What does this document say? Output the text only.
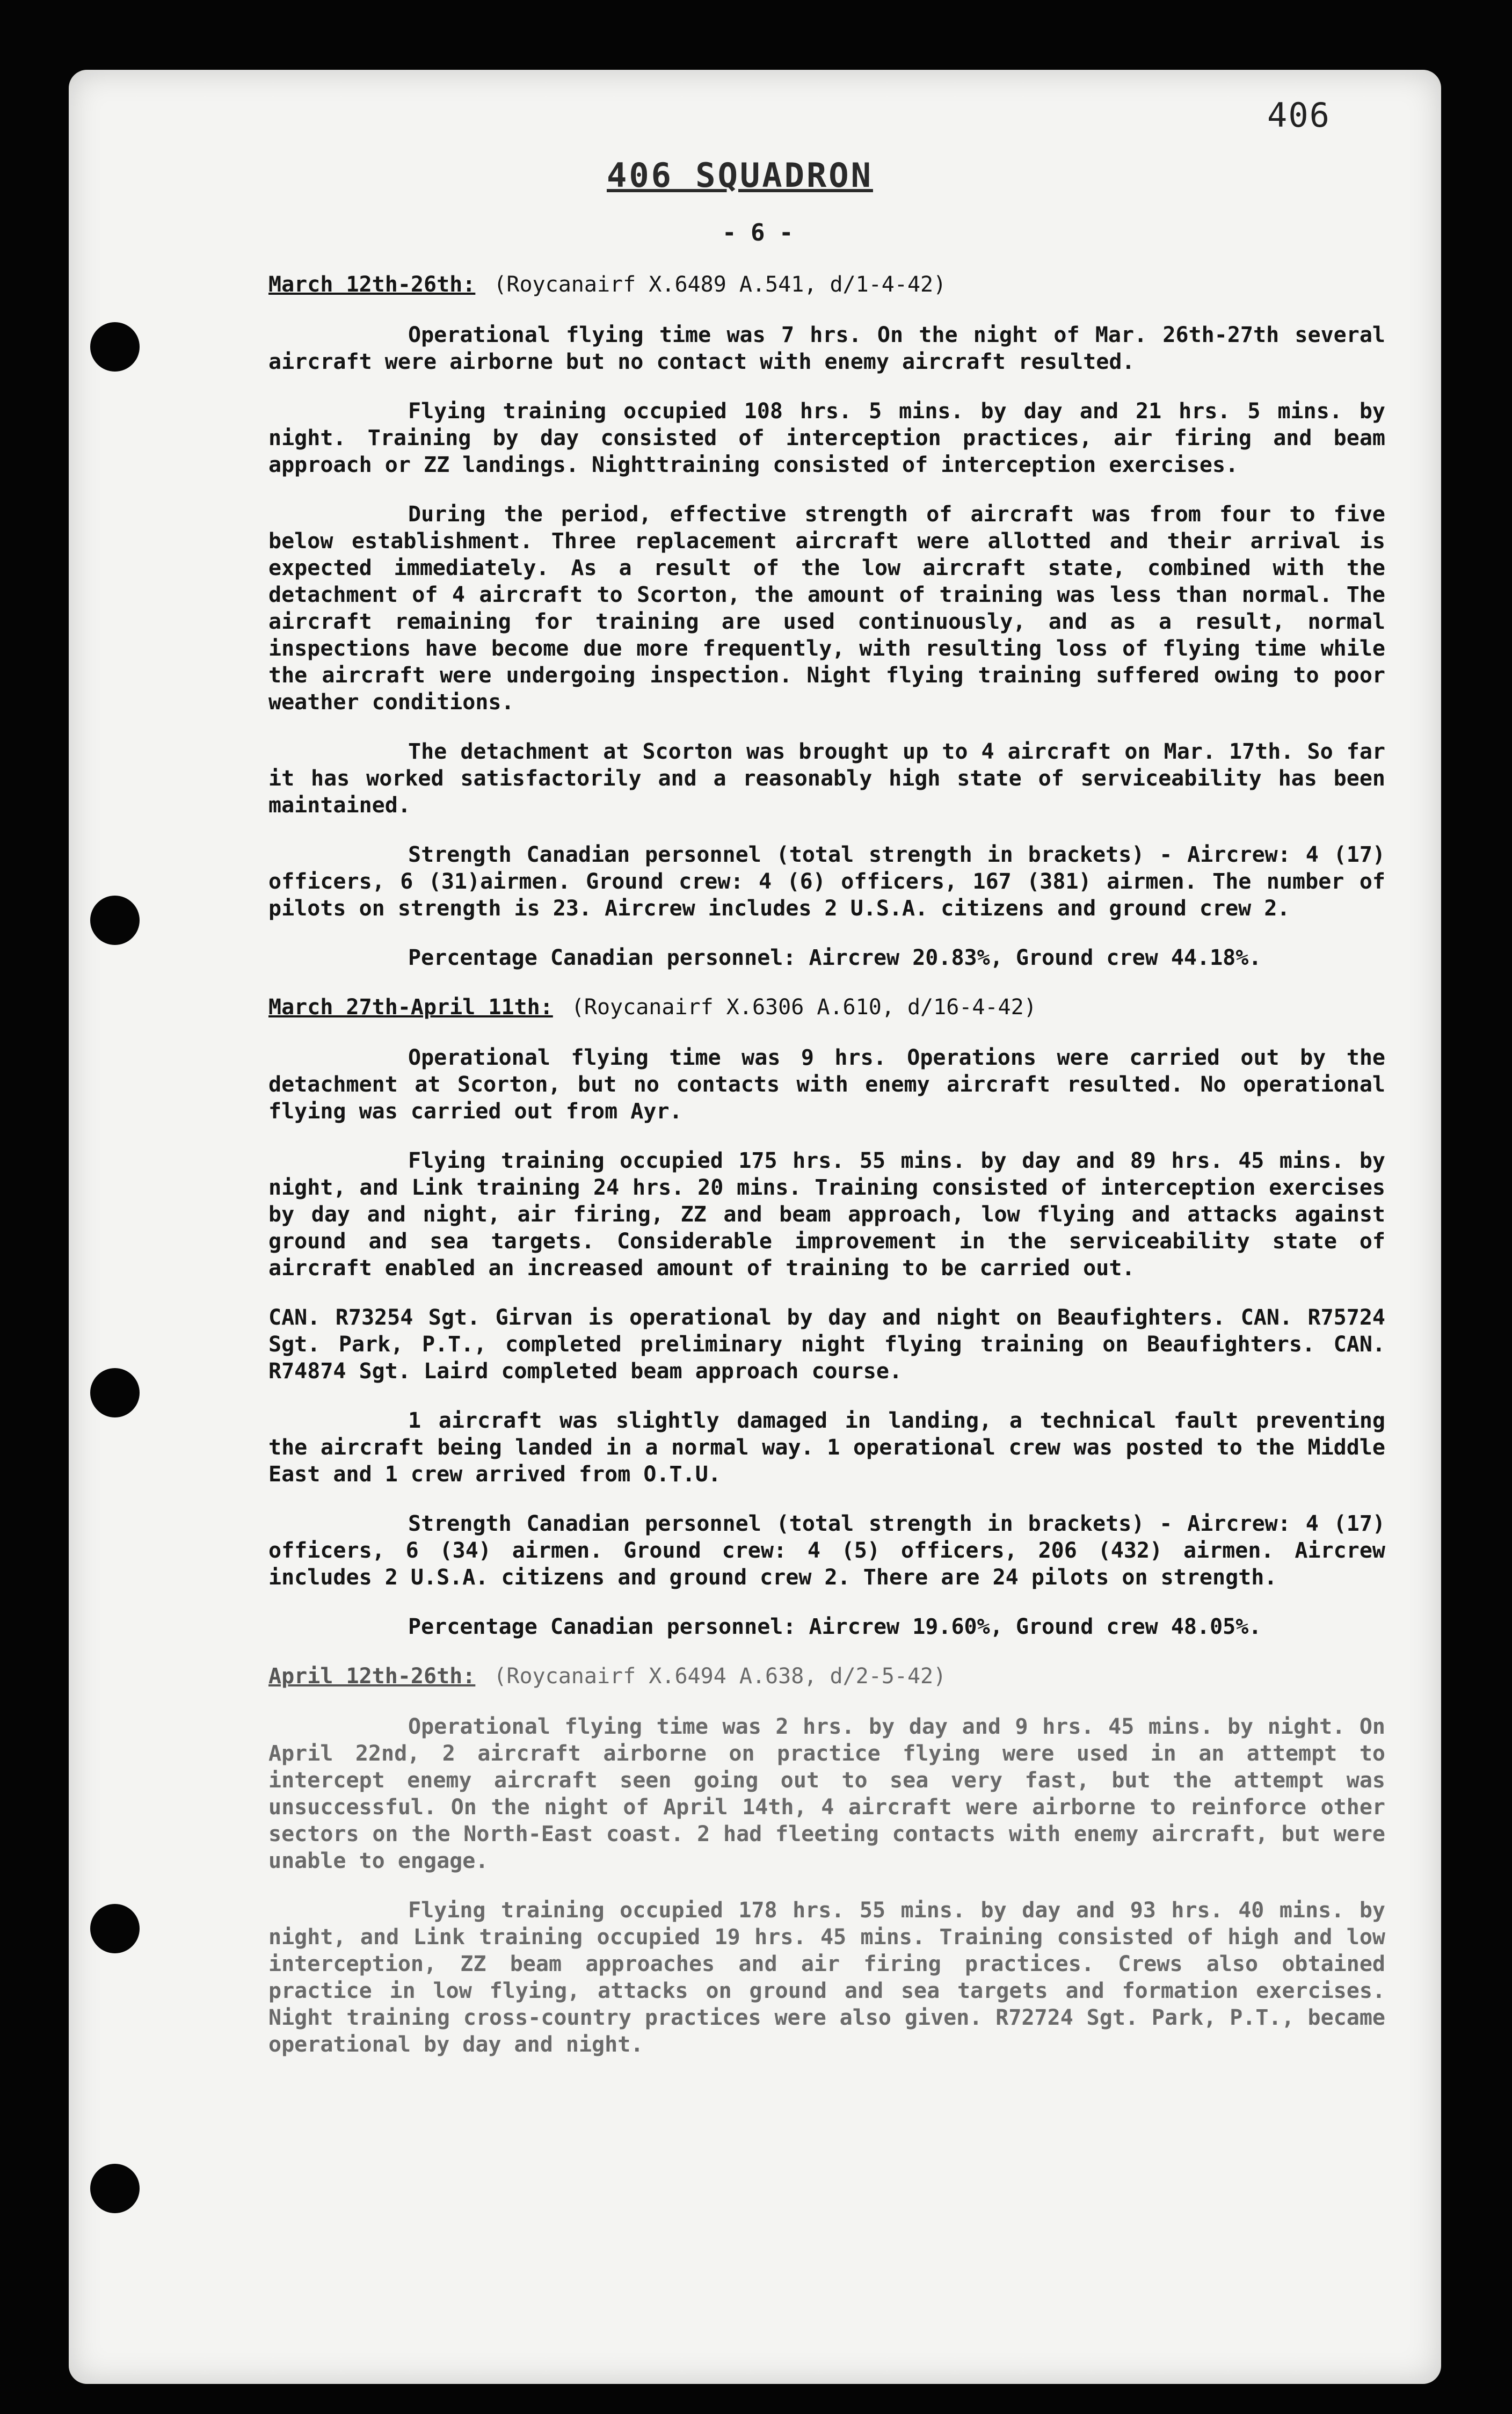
406
406 SQUADRON
- 6 -
March 12th-26th: (Roycanairf X.6489 A.541, d/1-4-42)

Operational flying time was 7 hrs. On the night of Mar. 26th-27th several aircraft were airborne but no contact with enemy aircraft resulted.

Flying training occupied 108 hrs. 5 mins. by day and 21 hrs. 5 mins. by night. Training by day consisted of interception practices, air firing and beam approach or ZZ landings. Nighttraining consisted of interception exercises.

During the period, effective strength of aircraft was from four to five below establishment. Three replacement aircraft were allotted and their arrival is expected immediately. As a result of the low aircraft state, combined with the detachment of 4 aircraft to Scorton, the amount of training was less than normal. The aircraft remaining for training are used continuously, and as a result, normal inspections have become due more frequently, with resulting loss of flying time while the aircraft were undergoing inspection. Night flying training suffered owing to poor weather conditions.

The detachment at Scorton was brought up to 4 aircraft on Mar. 17th. So far it has worked satisfactorily and a reasonably high state of serviceability has been maintained.

Strength Canadian personnel (total strength in brackets) - Aircrew: 4 (17) officers, 6 (31)airmen. Ground crew: 4 (6) officers, 167 (381) airmen. The number of pilots on strength is 23. Aircrew includes 2 U.S.A. citizens and ground crew 2.

Percentage Canadian personnel: Aircrew 20.83%, Ground crew 44.18%.

March 27th-April 11th: (Roycanairf X.6306 A.610, d/16-4-42)

Operational flying time was 9 hrs. Operations were carried out by the detachment at Scorton, but no contacts with enemy aircraft resulted. No operational flying was carried out from Ayr.

Flying training occupied 175 hrs. 55 mins. by day and 89 hrs. 45 mins. by night, and Link training 24 hrs. 20 mins. Training consisted of interception exercises by day and night, air firing, ZZ and beam approach, low flying and attacks against ground and sea targets. Considerable improvement in the serviceability state of aircraft enabled an increased amount of training to be carried out.

CAN. R73254 Sgt. Girvan is operational by day and night on Beaufighters. CAN. R75724 Sgt. Park, P.T., completed preliminary night flying training on Beaufighters. CAN. R74874 Sgt. Laird completed beam approach course.

1 aircraft was slightly damaged in landing, a technical fault preventing the aircraft being landed in a normal way. 1 operational crew was posted to the Middle East and 1 crew arrived from O.T.U.

Strength Canadian personnel (total strength in brackets) - Aircrew: 4 (17) officers, 6 (34) airmen. Ground crew: 4 (5) officers, 206 (432) airmen. Aircrew includes 2 U.S.A. citizens and ground crew 2. There are 24 pilots on strength.

Percentage Canadian personnel: Aircrew 19.60%, Ground crew 48.05%.

April 12th-26th: (Roycanairf X.6494 A.638, d/2-5-42)

Operational flying time was 2 hrs. by day and 9 hrs. 45 mins. by night. On April 22nd, 2 aircraft airborne on practice flying were used in an attempt to intercept enemy aircraft seen going out to sea very fast, but the attempt was unsuccessful. On the night of April 14th, 4 aircraft were airborne to reinforce other sectors on the North-East coast. 2 had fleeting contacts with enemy aircraft, but were unable to engage.

Flying training occupied 178 hrs. 55 mins. by day and 93 hrs. 40 mins. by night, and Link training occupied 19 hrs. 45 mins. Training consisted of high and low interception, ZZ beam approaches and air firing practices. Crews also obtained practice in low flying, attacks on ground and sea targets and formation exercises. Night training cross-country practices were also given. R72724 Sgt. Park, P.T., became operational by day and night.
